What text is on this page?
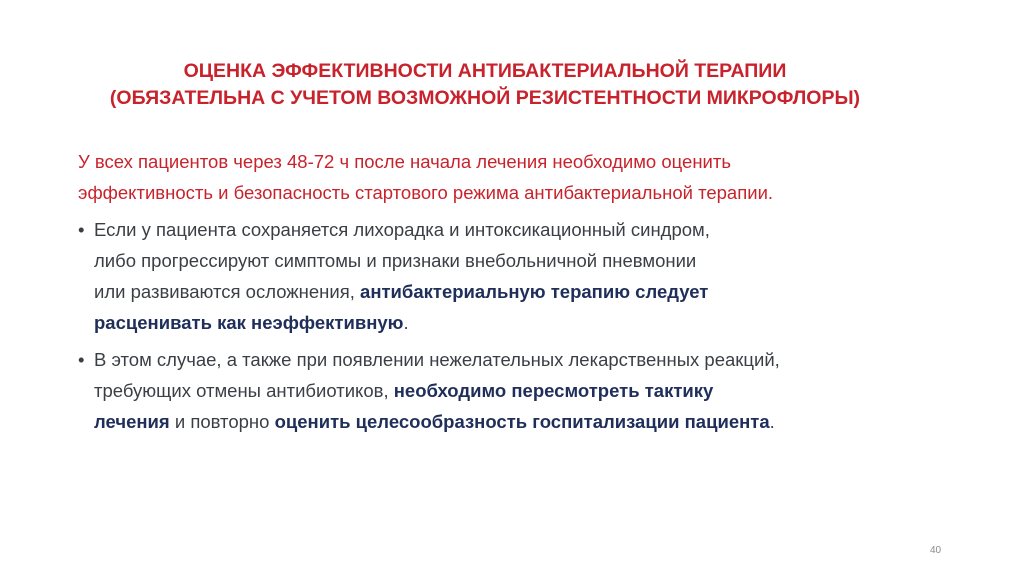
ОЦЕНКА ЭФФЕКТИВНОСТИ АНТИБАКТЕРИАЛЬНОЙ ТЕРАПИИ
(ОБЯЗАТЕЛЬНА С УЧЕТОМ ВОЗМОЖНОЙ РЕЗИСТЕНТНОСТИ МИКРОФЛОРЫ)
У всех пациентов через 48-72 ч после начала лечения необходимо оценить
эффективность и безопасность стартового режима антибактериальной терапии.
• Если у пациента сохраняется лихорадка и интоксикационный синдром,
либо прогрессируют симптомы и признаки внебольничной пневмонии
или развиваются осложнения, антибактериальную терапию следует
расценивать как неэффективную.
• В этом случае, а также при появлении нежелательных лекарственных реакций,
требующих отмены антибиотиков, необходимо пересмотреть тактику
лечения и повторно оценить целесообразность госпитализации пациента.
40
